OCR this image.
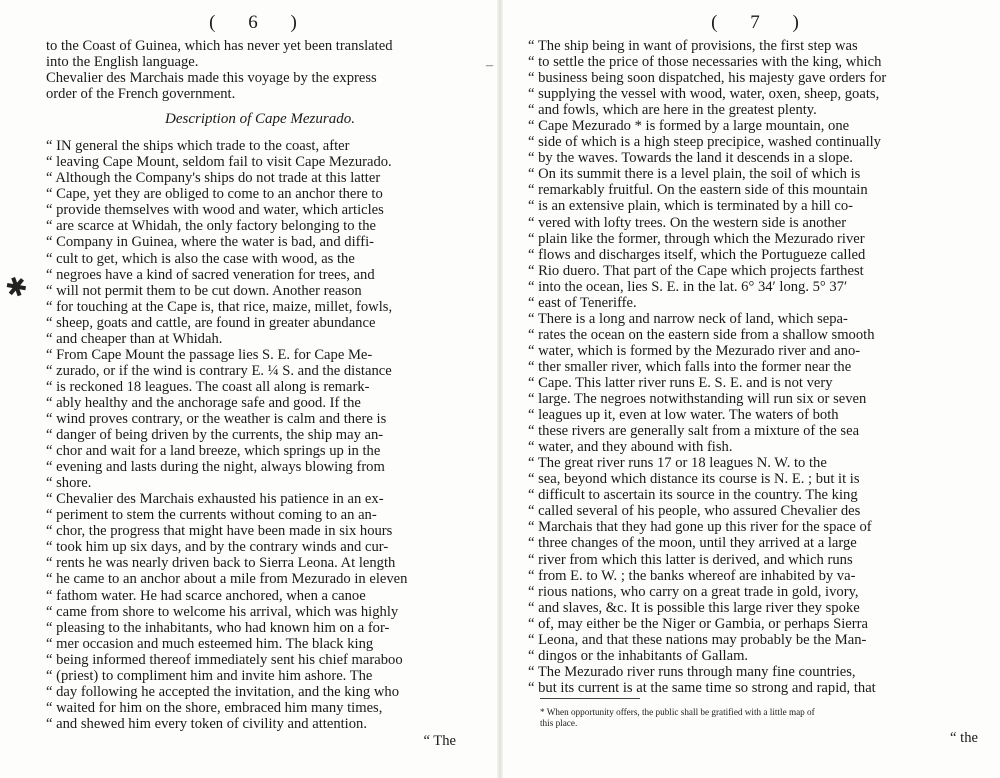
( 6 )
to the Coast of Guinea, which has never yet been translated
into the English language.
Chevalier des Marchais made this voyage by the express
order of the French government.
Description of Cape Mezurado.
“ IN general the ships which trade to the coast, after
“ leaving Cape Mount, seldom fail to visit Cape Mezurado.
“ Although the Company's ships do not trade at this latter
“ Cape, yet they are obliged to come to an anchor there to
“ provide themselves with wood and water, which articles
“ are scarce at Whidah, the only factory belonging to the
“ Company in Guinea, where the water is bad, and diffi-
“ cult to get, which is also the case with wood, as the
“ negroes have a kind of sacred veneration for trees, and
“ will not permit them to be cut down. Another reason
“ for touching at the Cape is, that rice, maize, millet, fowls,
“ sheep, goats and cattle, are found in greater abundance
“ and cheaper than at Whidah.
“ From Cape Mount the passage lies S. E. for Cape Me-
“ zurado, or if the wind is contrary E. ¼ S. and the distance
“ is reckoned 18 leagues. The coast all along is remark-
“ ably healthy and the anchorage safe and good. If the
“ wind proves contrary, or the weather is calm and there is
“ danger of being driven by the currents, the ship may an-
“ chor and wait for a land breeze, which springs up in the
“ evening and lasts during the night, always blowing from
“ shore.
“ Chevalier des Marchais exhausted his patience in an ex-
“ periment to stem the currents without coming to an an-
“ chor, the progress that might have been made in six hours
“ took him up six days, and by the contrary winds and cur-
“ rents he was nearly driven back to Sierra Leona. At length
“ he came to an anchor about a mile from Mezurado in eleven
“ fathom water. He had scarce anchored, when a canoe
“ came from shore to welcome his arrival, which was highly
“ pleasing to the inhabitants, who had known him on a for-
“ mer occasion and much esteemed him. The black king
“ being informed thereof immediately sent his chief maraboo
“ (priest) to compliment him and invite him ashore. The
“ day following he accepted the invitation, and the king who
“ waited for him on the shore, embraced him many times,
“ and shewed him every token of civility and attention.
“ The
✱
–
( 7 )
“ The ship being in want of provisions, the first step was
“ to settle the price of those necessaries with the king, which
“ business being soon dispatched, his majesty gave orders for
“ supplying the vessel with wood, water, oxen, sheep, goats,
“ and fowls, which are here in the greatest plenty.
“ Cape Mezurado * is formed by a large mountain, one
“ side of which is a high steep precipice, washed continually
“ by the waves. Towards the land it descends in a slope.
“ On its summit there is a level plain, the soil of which is
“ remarkably fruitful. On the eastern side of this mountain
“ is an extensive plain, which is terminated by a hill co-
“ vered with lofty trees. On the western side is another
“ plain like the former, through which the Mezurado river
“ flows and discharges itself, which the Portugueze called
“ Rio duero. That part of the Cape which projects farthest
“ into the ocean, lies S. E. in the lat. 6° 34′ long. 5° 37′
“ east of Teneriffe.
“ There is a long and narrow neck of land, which sepa-
“ rates the ocean on the eastern side from a shallow smooth
“ water, which is formed by the Mezurado river and ano-
“ ther smaller river, which falls into the former near the
“ Cape. This latter river runs E. S. E. and is not very
“ large. The negroes notwithstanding will run six or seven
“ leagues up it, even at low water. The waters of both
“ these rivers are generally salt from a mixture of the sea
“ water, and they abound with fish.
“ The great river runs 17 or 18 leagues N. W. to the
“ sea, beyond which distance its course is N. E. ; but it is
“ difficult to ascertain its source in the country. The king
“ called several of his people, who assured Chevalier des
“ Marchais that they had gone up this river for the space of
“ three changes of the moon, until they arrived at a large
“ river from which this latter is derived, and which runs
“ from E. to W. ; the banks whereof are inhabited by va-
“ rious nations, who carry on a great trade in gold, ivory,
“ and slaves, &c. It is possible this large river they spoke
“ of, may either be the Niger or Gambia, or perhaps Sierra
“ Leona, and that these nations may probably be the Man-
“ dingos or the inhabitants of Gallam.
“ The Mezurado river runs through many fine countries,
“ but its current is at the same time so strong and rapid, that
* When opportunity offers, the public shall be gratified with a little map of
this place.
“ the
